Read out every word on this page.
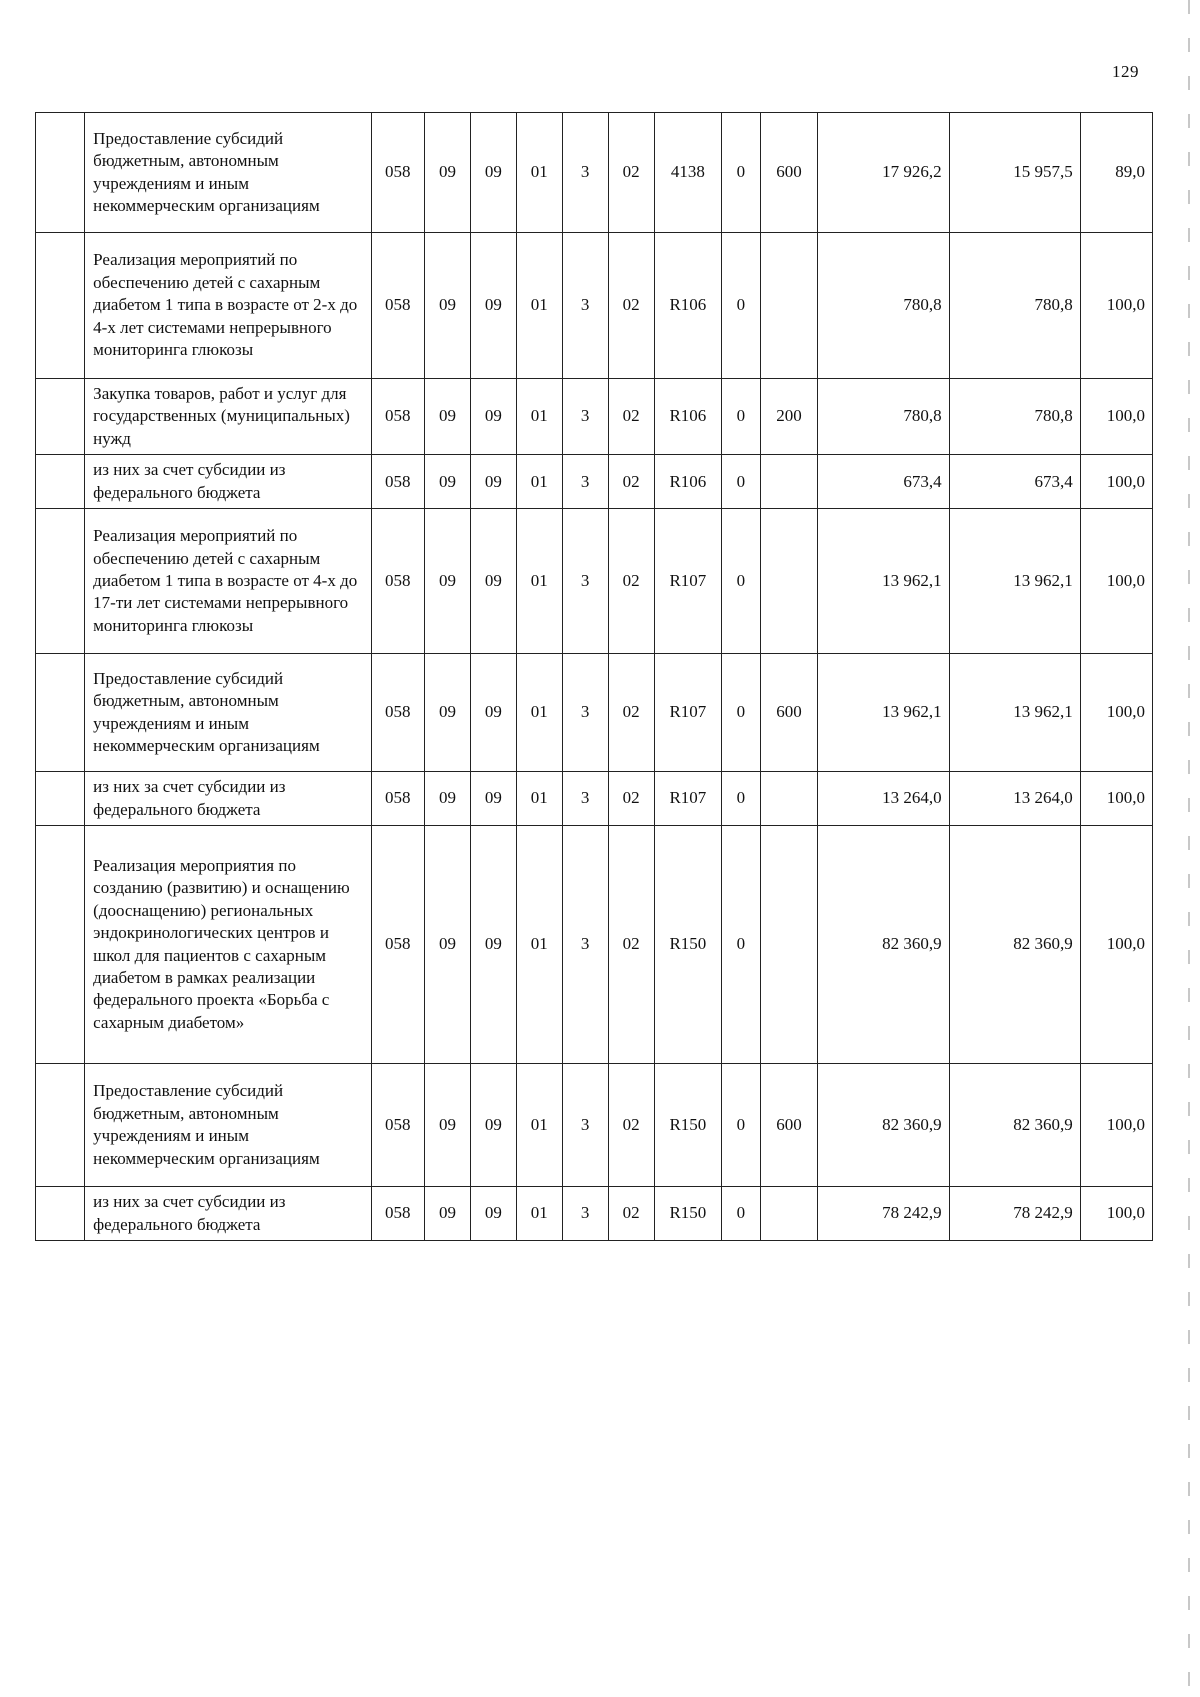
129
	Предоставление субсидий бюджетным, автономным учреждениям и иным некоммерческим организациям	058	09	09	01	3	02	4138	0	600	17 926,2	15 957,5	89,0
	Реализация мероприятий по обеспечению детей с сахарным диабетом 1 типа в возрасте от 2-х до 4-х лет системами непрерывного мониторинга глюкозы	058	09	09	01	3	02	R106	0		780,8	780,8	100,0
	Закупка товаров, работ и услуг для государственных (муниципальных) нужд	058	09	09	01	3	02	R106	0	200	780,8	780,8	100,0
	из них за счет субсидии из федерального бюджета	058	09	09	01	3	02	R106	0		673,4	673,4	100,0
	Реализация мероприятий по обеспечению детей с сахарным диабетом 1 типа в возрасте от 4-х до 17-ти лет системами непрерывного мониторинга глюкозы	058	09	09	01	3	02	R107	0		13 962,1	13 962,1	100,0
	Предоставление субсидий бюджетным, автономным учреждениям и иным некоммерческим организациям	058	09	09	01	3	02	R107	0	600	13 962,1	13 962,1	100,0
	из них за счет субсидии из федерального бюджета	058	09	09	01	3	02	R107	0		13 264,0	13 264,0	100,0
	Реализация мероприятия по созданию (развитию) и оснащению (дооснащению) региональных эндокринологических центров и школ для пациентов с сахарным диабетом в рамках реализации федерального проекта «Борьба с сахарным диабетом»	058	09	09	01	3	02	R150	0		82 360,9	82 360,9	100,0
	Предоставление субсидий бюджетным, автономным учреждениям и иным некоммерческим организациям	058	09	09	01	3	02	R150	0	600	82 360,9	82 360,9	100,0
	из них за счет субсидии из федерального бюджета	058	09	09	01	3	02	R150	0		78 242,9	78 242,9	100,0
